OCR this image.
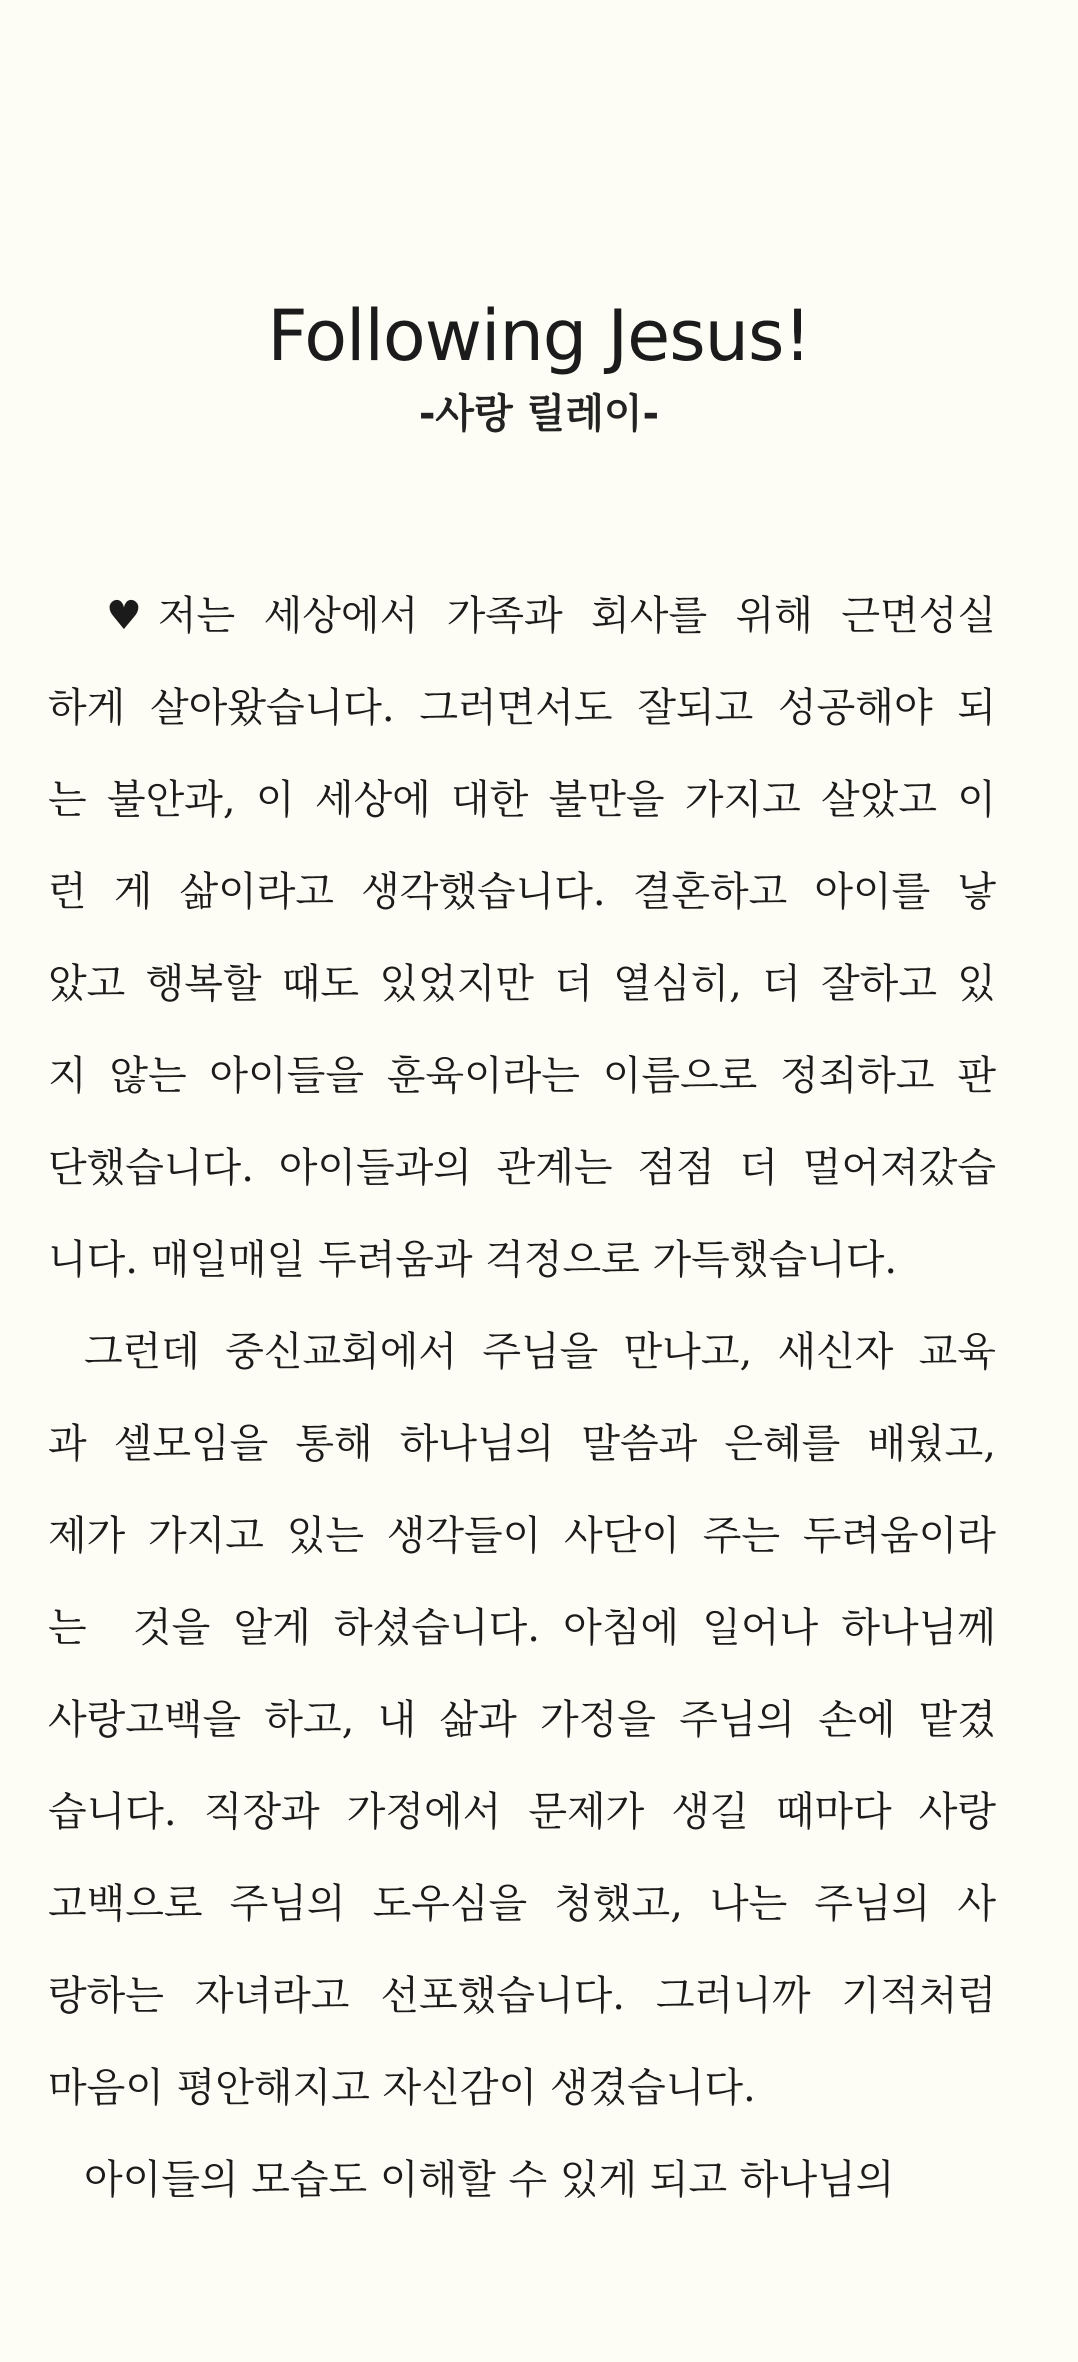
Following Jesus!
-사랑 릴레이-
♥ 저는 세상에서 가족과 회사를 위해 근면성실
하게 살아왔습니다. 그러면서도 잘되고 성공해야 되
는 불안과, 이 세상에 대한 불만을 가지고 살았고 이
런 게 삶이라고 생각했습니다. 결혼하고 아이를 낳
았고 행복할 때도 있었지만 더 열심히, 더 잘하고 있
지 않는 아이들을 훈육이라는 이름으로 정죄하고 판
단했습니다. 아이들과의 관계는 점점 더 멀어져갔습
니다. 매일매일 두려움과 걱정으로 가득했습니다.
그런데 중신교회에서 주님을 만나고, 새신자 교육
과 셀모임을 통해 하나님의 말씀과 은혜를 배웠고,
제가 가지고 있는 생각들이 사단이 주는 두려움이라
는 것을 알게 하셨습니다. 아침에 일어나 하나님께
사랑고백을 하고, 내 삶과 가정을 주님의 손에 맡겼
습니다. 직장과 가정에서 문제가 생길 때마다 사랑
고백으로 주님의 도우심을 청했고, 나는 주님의 사
랑하는 자녀라고 선포했습니다. 그러니까 기적처럼
마음이 평안해지고 자신감이 생겼습니다.
아이들의 모습도 이해할 수 있게 되고 하나님의
